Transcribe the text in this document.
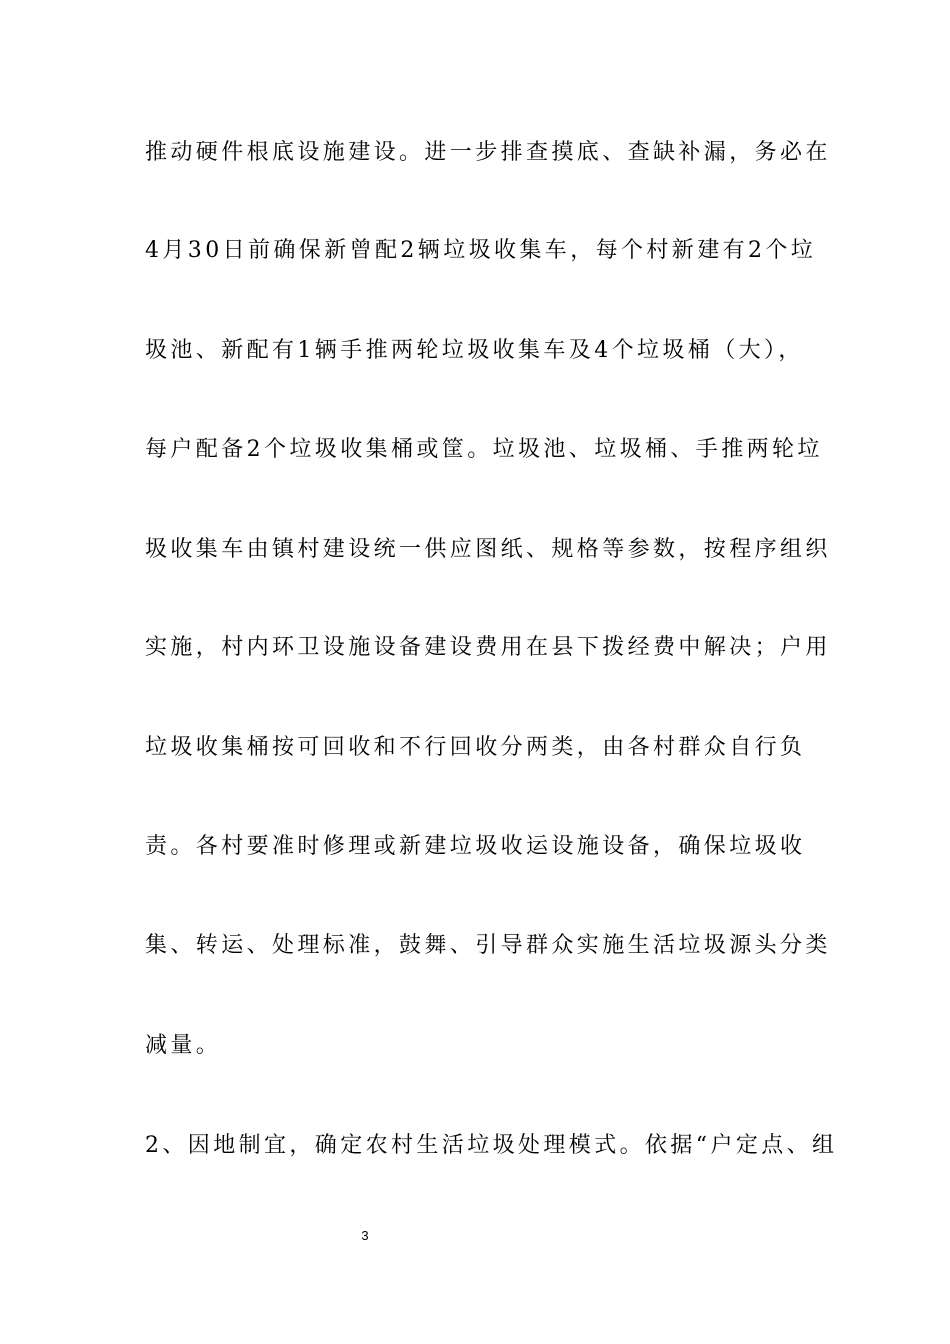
推动硬件根底设施建设。进一步排查摸底、查缺补漏，务必在
4月30日前确保新曾配2辆垃圾收集车，每个村新建有2个垃
圾池、新配有1辆手推两轮垃圾收集车及4个垃圾桶（大），
每户配备2个垃圾收集桶或筐。垃圾池、垃圾桶、手推两轮垃
圾收集车由镇村建设统一供应图纸、规格等参数，按程序组织
实施，村内环卫设施设备建设费用在县下拨经费中解决；户用
垃圾收集桶按可回收和不行回收分两类，由各村群众自行负
责。各村要准时修理或新建垃圾收运设施设备，确保垃圾收
集、转运、处理标准，鼓舞、引导群众实施生活垃圾源头分类
减量。
2、因地制宜，确定农村生活垃圾处理模式。依据“户定点、组
3
